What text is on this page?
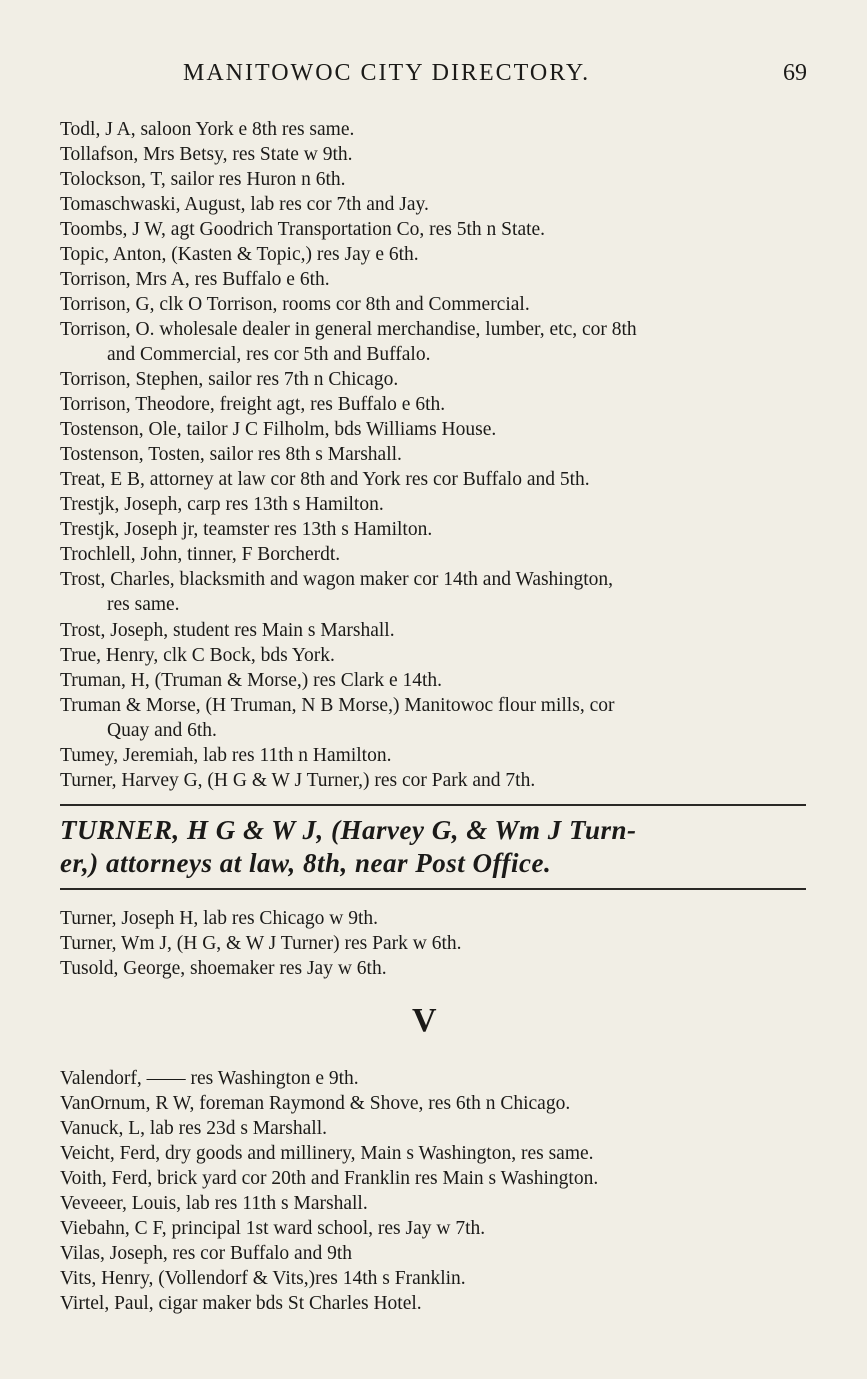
MANITOWOC CITY DIRECTORY.	69
Todl, J A, saloon York e 8th res same.
Tollafson, Mrs Betsy, res State w 9th.
Tolockson, T, sailor res Huron n 6th.
Tomaschwaski, August, lab res cor 7th and Jay.
Toombs, J W, agt Goodrich Transportation Co, res 5th n State.
Topic, Anton, (Kasten & Topic,) res Jay e 6th.
Torrison, Mrs A, res Buffalo e 6th.
Torrison, G, clk O Torrison, rooms cor 8th and Commercial.
Torrison, O. wholesale dealer in general merchandise, lumber, etc, cor 8th
and Commercial, res cor 5th and Buffalo.
Torrison, Stephen, sailor res 7th n Chicago.
Torrison, Theodore, freight agt, res Buffalo e 6th.
Tostenson, Ole, tailor J C Filholm, bds Williams House.
Tostenson, Tosten, sailor res 8th s Marshall.
Treat, E B, attorney at law cor 8th and York res cor Buffalo and 5th.
Trestjk, Joseph, carp res 13th s Hamilton.
Trestjk, Joseph jr, teamster res 13th s Hamilton.
Trochlell, John, tinner, F Borcherdt.
Trost, Charles, blacksmith and wagon maker cor 14th and Washington,
res same.
Trost, Joseph, student res Main s Marshall.
True, Henry, clk C Bock, bds York.
Truman, H, (Truman & Morse,) res Clark e 14th.
Truman & Morse, (H Truman, N B Morse,) Manitowoc flour mills, cor
Quay and 6th.
Tumey, Jeremiah, lab res 11th n Hamilton.
Turner, Harvey G, (H G & W J Turner,) res cor Park and 7th.
TURNER, H G & W J, (Harvey G, & Wm J Turn-

er,) attorneys at law, 8th, near Post Office.
Turner, Joseph H, lab res Chicago w 9th.
Turner, Wm J, (H G, & W J Turner) res Park w 6th.
Tusold, George, shoemaker res Jay w 6th.
V
Valendorf, —— res Washington e 9th.
VanOrnum, R W, foreman Raymond & Shove, res 6th n Chicago.
Vanuck, L, lab res 23d s Marshall.
Veicht, Ferd, dry goods and millinery, Main s Washington, res same.
Voith, Ferd, brick yard cor 20th and Franklin res Main s Washington.
Veveeer, Louis, lab res 11th s Marshall.
Viebahn, C F, principal 1st ward school, res Jay w 7th.
Vilas, Joseph, res cor Buffalo and 9th
Vits, Henry, (Vollendorf & Vits,)res 14th s Franklin.
Virtel, Paul, cigar maker bds St Charles Hotel.
